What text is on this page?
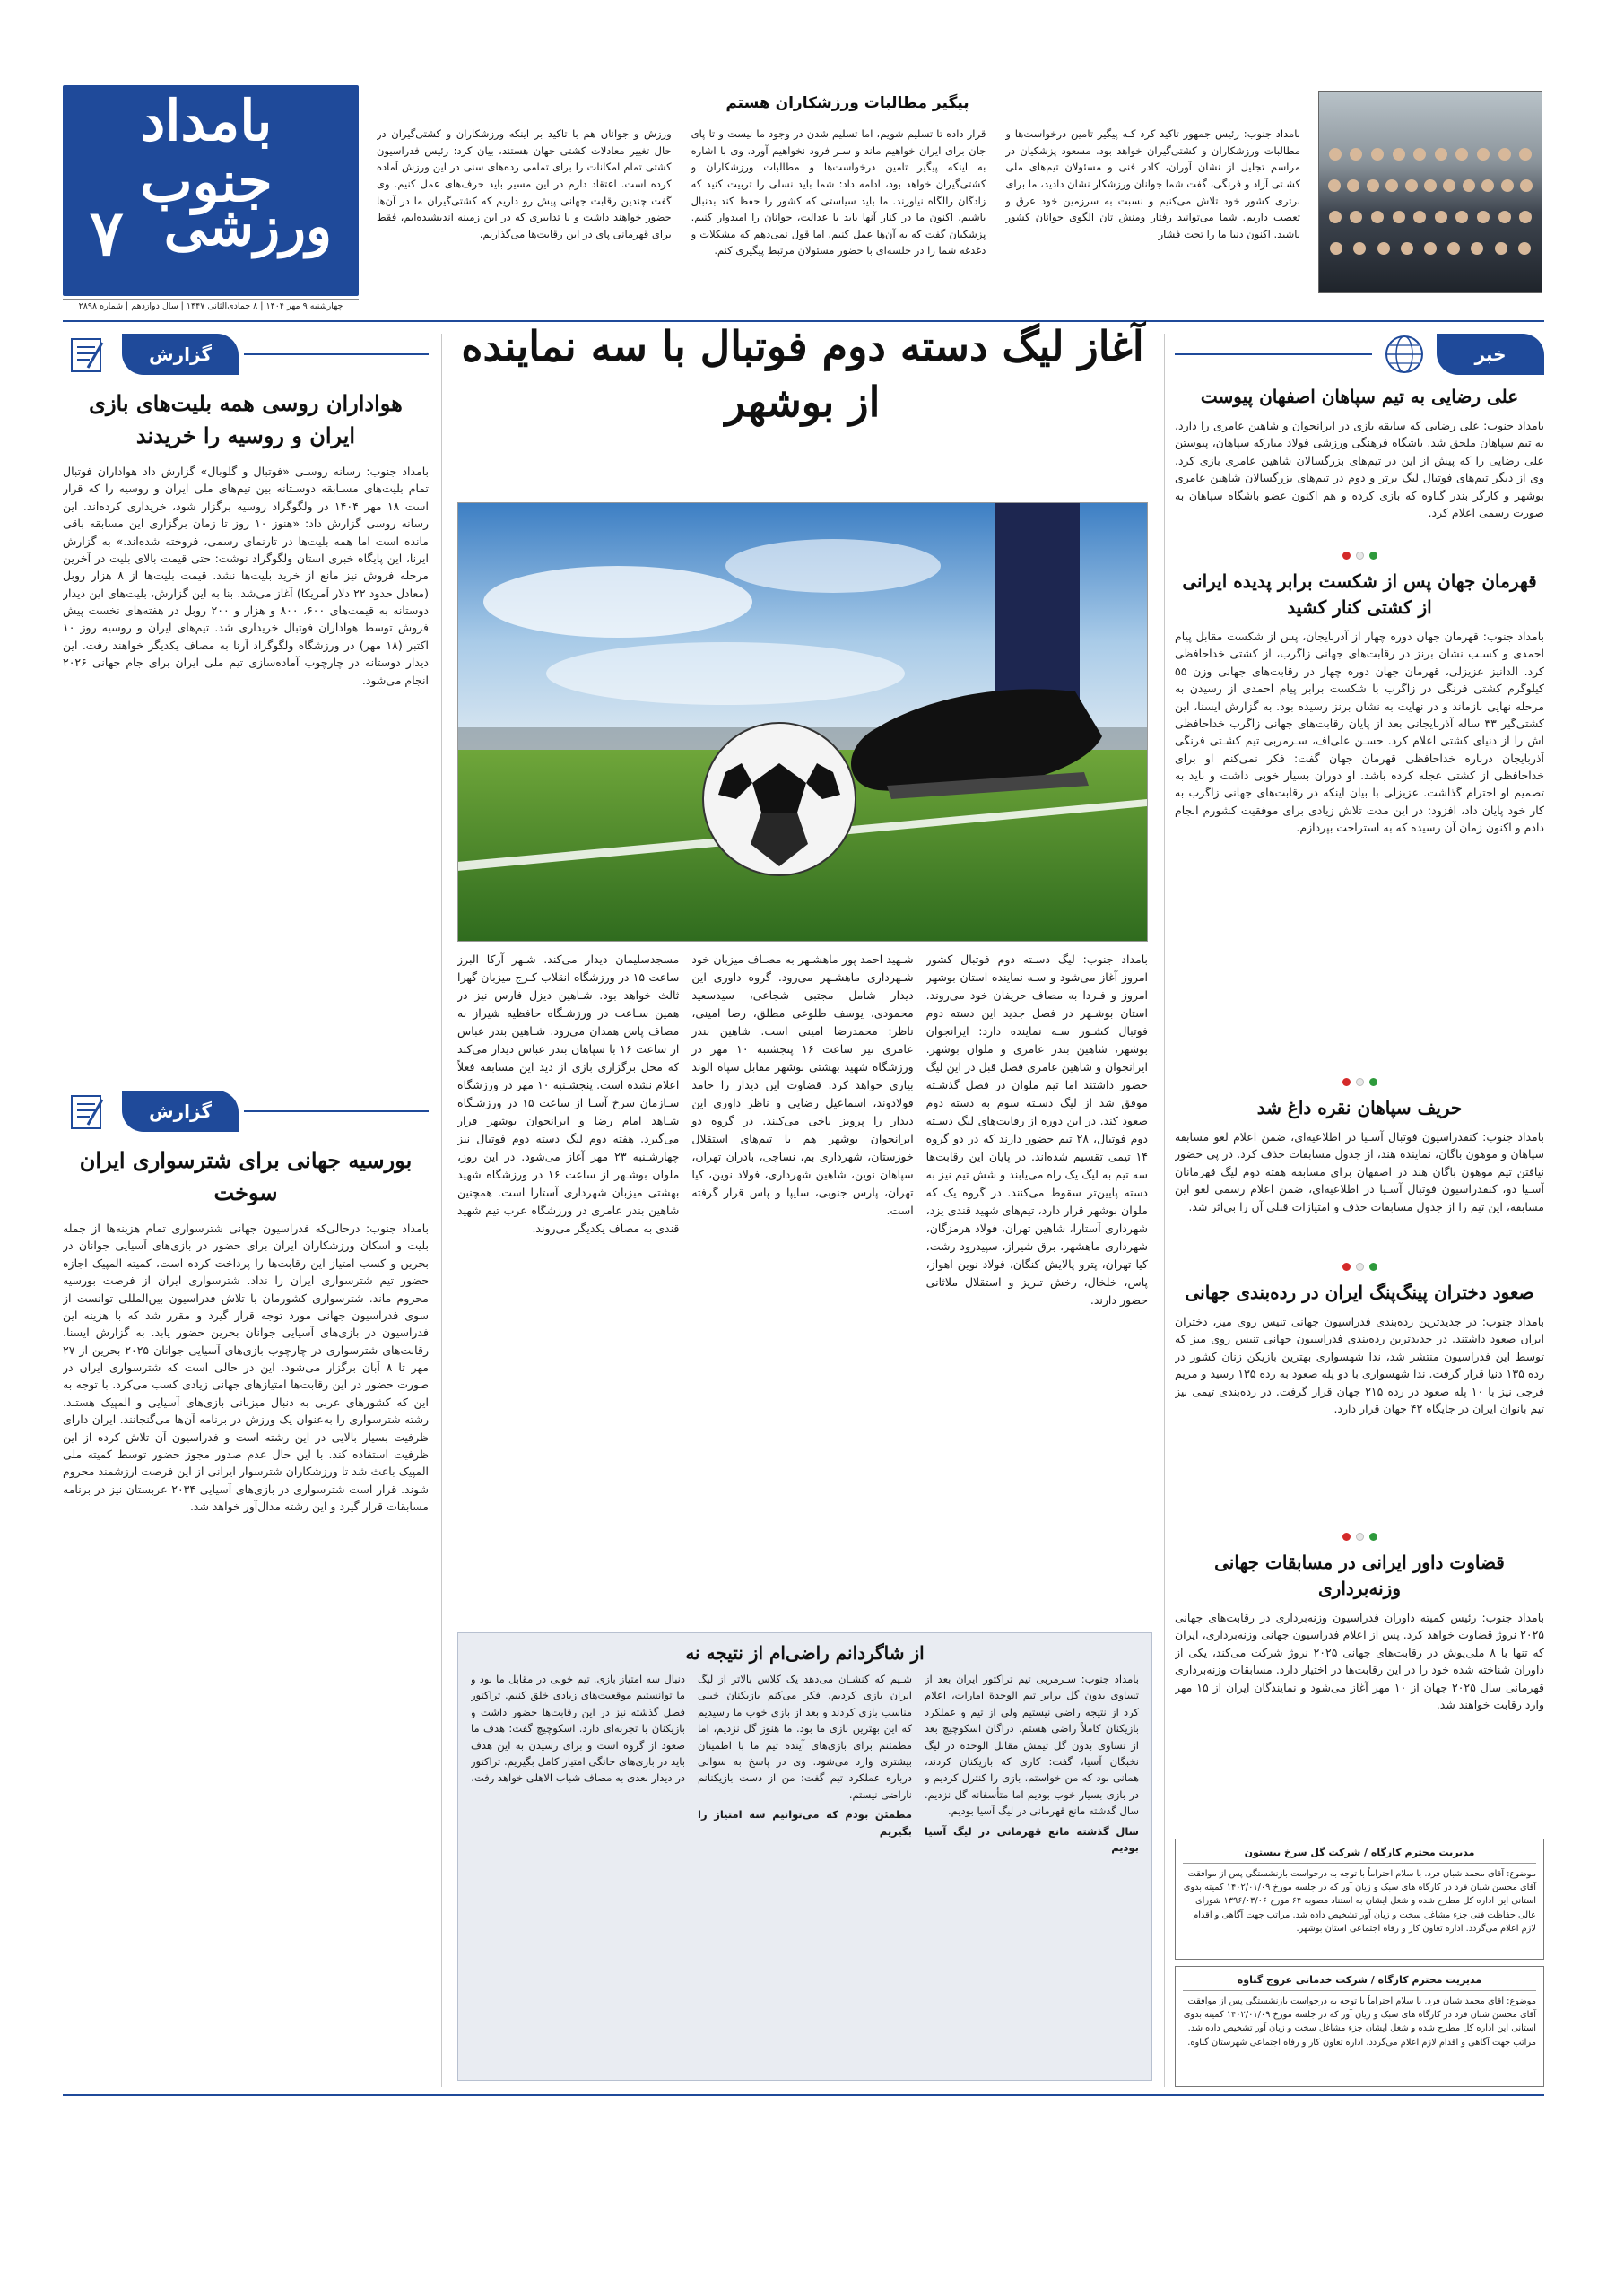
بامداد جنوب
ورزشی
۷
چهارشنبه ۹ مهر ۱۴۰۴ | ۸ جمادی‌الثانی ۱۴۴۷ | سال دوازدهم | شماره ۲۸۹۸
پیگیر مطالبات ورزشکاران هستم
بامداد جنوب: رئیس جمهور تاکید کرد کـه پیگیر تامین درخواست‌ها و مطالبات ورزشکاران و کشتی‌گیران خواهد بود. مسعود پزشکیان در مراسم تجلیل از نشان آوران، کادر فنی و مسئولان تیم‌های ملی کشـتی آزاد و فرنگی، گفت شما جوانان ورزشکار نشان دادید، ما برای برتری کشور خود تلاش می‌کنیم و نسبت به سرزمین خود عرق و تعصب داریم. شما می‌توانید رفتار ومنش تان الگوی جوانان کشور باشید. اکنون دنیا ما را تحت فشار
قرار داده تا تسلیم شویم، اما تسلیم شدن در وجود ما نیست و تا پای جان برای ایران خواهیم ماند و سـر فرود نخواهیم آورد. وی با اشاره به اینکه پیگیر تامین درخواست‌ها و مطالبات ورزشکاران و کشتی‌گیران خواهد بود، ادامه داد: شما باید نسلی را تربیت کنید که زادگان رالگاه نیاورند. ما باید سیاستی که کشور را حفظ کند بدنبال باشیم. اکنون ما در کنار آنها باید با عدالت، جوانان را امیدوار کنیم. پزشکیان گفت که به آن‌ها عمل کنیم. اما قول نمی‌دهم که مشکلات و دغدغه شما را در جلسه‌ای با حضور مسئولان مرتبط پیگیری کنم.
ورزش و جوانان هم با تاکید بر اینکه ورزشکاران و کشتی‌گیران در حال تغییر معادلات کشتی جهان هستند، بیان کرد: رئیس فدراسیون کشتی تمام امکانات را برای تمامی رده‌های سنی در این ورزش آماده کرده است. اعتقاد دارم در این مسیر باید حرف‌های عمل کنیم. وی گفت چندین رقابت جهانی پیش رو داریم که کشتی‌گیران ما در آن‌ها حضور خواهند داشت و با تدابیری که در این زمینه اندیشیده‌ایم، فقط برای قهرمانی پای در این رقابت‌ها می‌گذاریم.
خبر
علی رضایی به تیم سپاهان اصفهان پیوست
بامداد جنوب: علی رضایی که سابقه بازی در ایرانجوان و شاهین عامری را دارد، به تیم سپاهان ملحق شد. باشگاه فرهنگی ورزشی فولاد مبارکه سپاهان، پیوستن علی رضایی را که پیش از این در تیم‌های بزرگسالان شاهین عامری بازی کرد. وی از دیگر تیم‌های فوتبال لیگ برتر و دوم در تیم‌های بزرگسالان شاهین عامری بوشهر و کارگر بندر گناوه که بازی کرده و هم اکنون عضو باشگاه سپاهان به صورت رسمی اعلام کرد.
قهرمان جهان پس از شکست برابر پدیده ایرانی از کشتی کنار کشید
بامداد جنوب: قهرمان جهان دوره چهار از آذربایجان، پس از شکست مقابل پیام احمدی و کسـب نشان برنز در رقابت‌های جهانی زاگرب، از کشتی خداحافظی کرد. الدانیز عزیزلی، قهرمان جهان دوره چهار در رقابت‌های جهانی وزن ۵۵ کیلوگرم کشتی فرنگی در زاگرب با شکست برابر پیام احمدی از رسیدن به مرحله نهایی بازماند و در نهایت به نشان برنز رسیده بود. به گزارش ایسنا، این کشتی‌گیر ۳۳ ساله آذربایجانی بعد از پایان رقابت‌های جهانی زاگرب خداحافظی اش را از دنیای کشتی اعلام کرد. حسـن علی‌اف، سـرمربی تیم کشـتی فرنگی آذربایجان درباره خداحافظی قهرمان جهان گفت: فکر نمی‌کنم او برای خداحافظی از کشتی عجله کرده باشد. او دوران بسیار خوبی داشت و باید به تصمیم او احترام گذاشت. عزیزلی با بیان اینکه در رقابت‌های جهانی زاگرب به کار خود پایان داد، افزود: در این مدت تلاش زیادی برای موفقیت کشورم انجام دادم و اکنون زمان آن رسیده که به استراحت بپردازم.
حریف سپاهان نقره داغ شد
بامداد جنوب: کنفدراسیون فوتبال آسـیا در اطلاعیه‌ای، ضمن اعلام لغو مسابقه سپاهان و موهون باگان، نماینده هند، از جدول مسابقات حذف کرد. در پی حضور نیافتن تیم موهون باگان هند در اصفهان برای مسابقه هفته دوم لیگ قهرمانان آسـیا دو، کنفدراسیون فوتبال آسـیا در اطلاعیه‌ای، ضمن اعلام رسمی لغو این مسابقه، این تیم را از جدول مسابقات حذف و امتیازات قبلی آن را بی‌اثر شد.
صعود دختران پینگ‌پنگ ایران در رده‌بندی جهانی
بامداد جنوب: در جدیدترین رده‌بندی فدراسیون جهانی تنیس روی میز، دختران ایران صعود داشتند. در جدیدترین رده‌بندی فدراسیون جهانی تنیس روی میز که توسط این فدراسیون منتشر شد، ندا شهسواری بهترین بازیکن زنان کشور در رده ۱۳۵ دنیا قرار گرفت. ندا شهسواری با دو پله صعود به رده ۱۳۵ رسید و مریم فرجی نیز با ۱۰ پله صعود در رده ۲۱۵ جهان قرار گرفت. در رده‌بندی تیمی نیز تیم بانوان ایران در جایگاه ۴۲ جهان قرار دارد.
قضاوت داور ایرانی در مسابقات جهانی وزنه‌برداری
بامداد جنوب: رئیس کمیته داوران فدراسیون وزنه‌برداری در رقابت‌های جهانی ۲۰۲۵ نروژ قضاوت خواهد کرد. پس از اعلام فدراسیون جهانی وزنه‌برداری، ایران که تنها با ۸ ملی‌پوش در رقابت‌های جهانی ۲۰۲۵ نروژ شرکت می‌کند، یکی از داوران شناخته شده خود را در این رقابت‌ها در اختیار دارد. مسابقات وزنه‌برداری قهرمانی سال ۲۰۲۵ جهان از ۱۰ مهر آغاز می‌شود و نمایندگان ایران از ۱۵ مهر وارد رقابت خواهند شد.
گزارش
هواداران روسی همه بلیت‌های بازی ایران و روسیه را خریدند
بامداد جنوب: رسانه روسـی «فوتبال و گلوبال» گزارش داد هواداران فوتبال تمام بلیت‌های مسـابقه دوسـتانه بین تیم‌های ملی ایران و روسیه را که قرار است ۱۸ مهر ۱۴۰۴ در ولگوگراد روسیه برگزار شود، خریداری کرده‌اند. این رسانه روسی گزارش داد: «هنوز ۱۰ روز تا زمان برگزاری این مسابقه باقی مانده است اما همه بلیت‌ها در تارنمای رسمی، فروخته شده‌اند.» به گزارش ایرنا، این پایگاه خبری استان ولگوگراد نوشت: حتی قیمت بالای بلیت در آخرین مرحله فروش نیز مانع از خرید بلیت‌ها نشد. قیمت بلیت‌ها از ۸ هزار روبل (معادل حدود ۲۲ دلار آمریکا) آغاز می‌شد. بنا به این گزارش، بلیت‌های این دیدار دوستانه به قیمت‌های ۶۰۰، ۸۰۰ و هزار و ۲۰۰ روبل در هفته‌های نخست پیش فروش توسط هواداران فوتبال خریداری شد. تیم‌های ایران و روسیه روز ۱۰ اکتبر (۱۸ مهر) در ورزشگاه ولگوگراد آرنا به مصاف یکدیگر خواهند رفت. این دیدار دوستانه در چارچوب آماده‌سازی تیم ملی ایران برای جام جهانی ۲۰۲۶ انجام می‌شود.
گزارش
بورسیه جهانی برای شترسواری ایران سوخت
بامداد جنوب: درحالی‌که فدراسیون جهانی شترسواری تمام هزینه‌ها از جمله بلیت و اسکان ورزشکاران ایران برای حضور در بازی‌های آسیایی جوانان در بحرین و کسب امتیاز این رقابت‌ها را پرداخت کرده است، کمیته المپیک اجازه حضور تیم شترسواری ایران را نداد. شترسواری ایران از فرصت بورسیه محروم ماند. شترسواری کشورمان با تلاش فدراسیون بین‌المللی توانست از سوی فدراسیون جهانی مورد توجه قرار گیرد و مقرر شد که با هزینه این فدراسیون در بازی‌های آسیایی جوانان بحرین حضور یابد. به گزارش ایسنا، رقابت‌های شترسواری در چارچوب بازی‌های آسیایی جوانان ۲۰۲۵ بحرین از ۲۷ مهر تا ۸ آبان برگزار می‌شود. این در حالی است که شترسواری ایران در صورت حضور در این رقابت‌ها امتیازهای جهانی زیادی کسب می‌کرد. با توجه به این که کشورهای عربی به دنبال میزبانی بازی‌های آسیایی و المپیک هستند، رشته شترسواری را به‌عنوان یک ورزش در برنامه آن‌ها می‌گنجانند. ایران دارای ظرفیت بسیار بالایی در این رشته است و فدراسیون آن تلاش کرده از این ظرفیت استفاده کند. با این حال عدم صدور مجوز حضور توسط کمیته ملی المپیک باعث شد تا ورزشکاران شترسوار ایرانی از این فرصت ارزشمند محروم شوند. قرار است شترسواری در بازی‌های آسیایی ۲۰۳۴ عربستان نیز در برنامه مسابقات قرار گیرد و این رشته مدال‌آور خواهد شد.
آغاز لیگ دسته دوم فوتبال با سه نماینده از بوشهر
بامداد جنوب: لیگ دسـته دوم فوتبال کشور امروز آغاز می‌شود و سـه نماینده استان بوشهر امروز و فـردا به مصاف حریفان خود می‌روند. استان بوشـهر در فصل جدید این دسته دوم فوتبال کشـور سـه نماینده دارد: ایرانجوان بوشهر، شاهین بندر عامری و ملوان بوشهر. ایرانجوان و شاهین عامری فصل قبل در این لیگ حضور داشتند اما تیم ملوان در فصل گذشـته موفق شد از لیگ دسـته سوم به دسته دوم صعود کند. در این دوره از رقابت‌های لیگ دسـته دوم فوتبال، ۲۸ تیم حضور دارند که در دو گروه ۱۴ تیمی تقسیم شده‌اند. در پایان این رقابت‌ها سه تیم به لیگ یک راه می‌یابند و شش تیم نیز به دسته پایین‌تر سقوط می‌کنند. در گروه یک که ملوان بوشهر قرار دارد، تیم‌های شهید قندی یزد، شهرداری آستارا، شاهین تهران، فولاد هرمزگان، شهرداری ماهشهر، برق شیراز، سپیدرود رشت، کیا تهران، پترو پالایش کنگان، فولاد نوین اهواز، پاس، خلخال، رخش تبریز و استقلال ملاثانی حضور دارند.
شـهید احمد پور ماهشـهر به مصـاف میزبان خود شـهرداری ماهشـهر می‌رود. گروه داوری این دیدار شامل مجتبی شجاعی، سیدسعید محمودی، یوسف طلوعی مطلق، رضا امینی، ناظر: محمدرضا امینی است. شاهین بندر عامری نیز ساعت ۱۶ پنجشنبه ۱۰ مهر در ورزشگاه شهید بهشتی بوشهر مقابل سپاه الوند بیاری خواهد کرد. قضاوت این دیدار را حامد فولادوند، اسماعیل رضایی و ناظر داوری این دیدار را پرویز باخی می‌کنند. در گروه دو ایرانجوان بوشهر هم با تیم‌های استقلال خوزستان، شهرداری بم، نساجی، بادران تهران، سپاهان نوین، شاهین شهرداری، فولاد نوین، کیا تهران، پارس جنوبی، سایپا و پاس قرار گرفته است.
مسجدسلیمان دیدار می‌کند. شـهر آرکا البرز ساعت ۱۵ در ورزشگاه انقلاب کـرج میزبان گهرا ثالث خواهد بود. شـاهین دیزل فارس نیز در همین سـاعت در ورزشـگاه حافظیه شیراز به مصاف پاس همدان می‌رود. شـاهین بندر عباس از ساعت ۱۶ با سپاهان بندر عباس دیدار می‌کند که محل برگزاری بازی از دید این مسابقه فعلاً اعلام نشده است. پنجشـنبه ۱۰ مهر در ورزشگاه سـازمان سرخ آسـا از ساعت ۱۵ در ورزشـگاه شـاهد امام رضا و ایرانجوان بوشهر قرار می‌گیرد. هفته دوم لیگ دسته دوم فوتبال نیز چهارشـنبه ۲۳ مهر آغاز می‌شود. در این روز، ملوان بوشـهر از ساعت ۱۶ در ورزشگاه شهید بهشتی میزبان شهرداری آستارا است. همچنین شاهین بندر عامری در ورزشگاه عرب تیم شهید قندی به مصاف یکدیگر می‌روند.
از شاگردانم راضی‌ام از نتیجه نه
بامداد جنوب: سـرمربی تیم تراکتور ایران بعد از تساوی بدون گل برابر تیم الوحدة امارات، اعلام کرد از نتیجه راضی نیستیم ولی از تیم و عملکرد بازیکنان کاملاً راضی هستم. دراگان اسکوچیچ بعد از تساوی بدون گل تیمش مقابل الوحده در لیگ نخبگان آسیا، گفت: کاری که بازیکنان کردند، همانی بود که من خواستم. بازی را کنترل کردیم و در بازی بسیار خوب بودیم اما متأسفانه گل نزدیم. سال گذشته مانع قهرمانی در لیگ آسیا بودیم.
سال گذشته مانع قهرمانی در لیگ آسیا بودیم
شـیم که کنشـان می‌دهد یک کلاس بالاتر از لیگ ایران بازی کردیم. فکر می‌کنم بازیکنان خیلی مناسب بازی کردند و بعد از بازی خوب ما رسیدیم که این بهترین بازی ما بود. ما هنوز گل نزدیم، اما مطمئنم برای بازی‌های آینده تیم ما با اطمینان بیشتری وارد می‌شود. وی در پاسخ به سوالی درباره عملکرد تیم گفت: من از دست بازیکنانم ناراضی نیستم.
مطمئن بودم که می‌توانیم سه امتیاز را بگیریم
دنبال سه امتیاز بازی. تیم خوبی در مقابل ما بود و ما توانستیم موقعیت‌های زیادی خلق کنیم. تراکتور فصل گذشته نیز در این رقابت‌ها حضور داشت و بازیکنان با تجربه‌ای دارد. اسکوچیچ گفت: هدف ما صعود از گروه است و برای رسیدن به این هدف باید در بازی‌های خانگی امتیاز کامل بگیریم. تراکتور در دیدار بعدی به مصاف شباب الاهلی خواهد رفت.
مدیریت محترم کارگاه / شرکت گل سرخ بیستون
موضوع: آقای محمد شبان فرد. با سلام احتراماً با توجه به درخواست بازنشستگی پس از موافقت آقای محسن شبان فرد در کارگاه های سبک و زیان آور که در جلسه مورخ ۱۴۰۲/۰۱/۰۹ کمیته بدوی استانی این اداره کل مطرح شده و شغل ایشان به استناد مصوبه ۶۴ مورخ ۱۳۹۶/۰۳/۰۶ شورای عالی حفاظت فنی جزء مشاغل سخت و زیان آور تشخیص داده شد. مراتب جهت آگاهی و اقدام لازم اعلام می‌گردد. اداره تعاون کار و رفاه اجتماعی استان بوشهر.
مدیریت محترم کارگاه / شرکت خدماتی عروج گناوه
موضوع: آقای محمد شبان فرد. با سلام احتراماً با توجه به درخواست بازنشستگی پس از موافقت آقای محسن شبان فرد در کارگاه های سبک و زیان آور که در جلسه مورخ ۱۴۰۲/۰۱/۰۹ کمیته بدوی استانی این اداره کل مطرح شده و شغل ایشان جزء مشاغل سخت و زیان آور تشخیص داده شد. مراتب جهت آگاهی و اقدام لازم اعلام می‌گردد. اداره تعاون کار و رفاه اجتماعی شهرستان گناوه.
